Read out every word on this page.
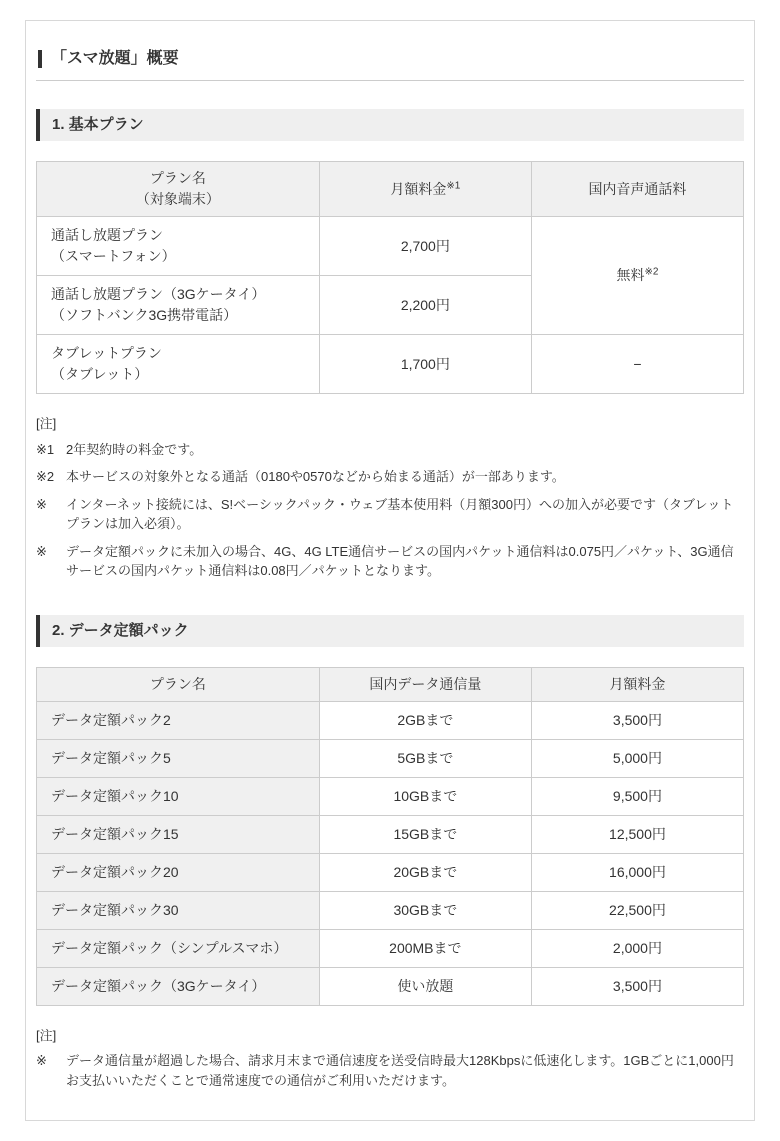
「スマ放題」概要
1. 基本プラン
プラン名
（対象端末）	月額料金$^{※1}$	国内音声通話料
通話し放題プラン
（スマートフォン）	2,700円	無料$^{※2}$
通話し放題プラン（3Gケータイ）
（ソフトバンク3G携帯電話）	2,200円	
タブレットプラン
（タブレット）	1,700円	−
[注]
※1 2年契約時の料金です。
※2 本サービスの対象外となる通話（0180や0570などから始まる通話）が一部あります。
※	インターネット接続には、S!ベーシックパック・ウェブ基本使用料（月額300円）への加入が必要です（タブレットプランは加入必須）。
※	データ定額パックに未加入の場合、4G、4G LTE通信サービスの国内パケット通信料は0.075円／パケット、3G通信サービスの国内パケット通信料は0.08円／パケットとなります。
2. データ定額パック
プラン名	国内データ通信量	月額料金
データ定額パック2	2GBまで	3,500円
データ定額パック5	5GBまで	5,000円
データ定額パック10	10GBまで	9,500円
データ定額パック15	15GBまで	12,500円
データ定額パック20	20GBまで	16,000円
データ定額パック30	30GBまで	22,500円
データ定額パック（シンプルスマホ）	200MBまで	2,000円
データ定額パック（3Gケータイ）	使い放題	3,500円
[注]
※	データ通信量が超過した場合、請求月末まで通信速度を送受信時最大128Kbpsに低速化します。1GBごとに1,000円お支払いいただくことで通常速度での通信がご利用いただけます。
